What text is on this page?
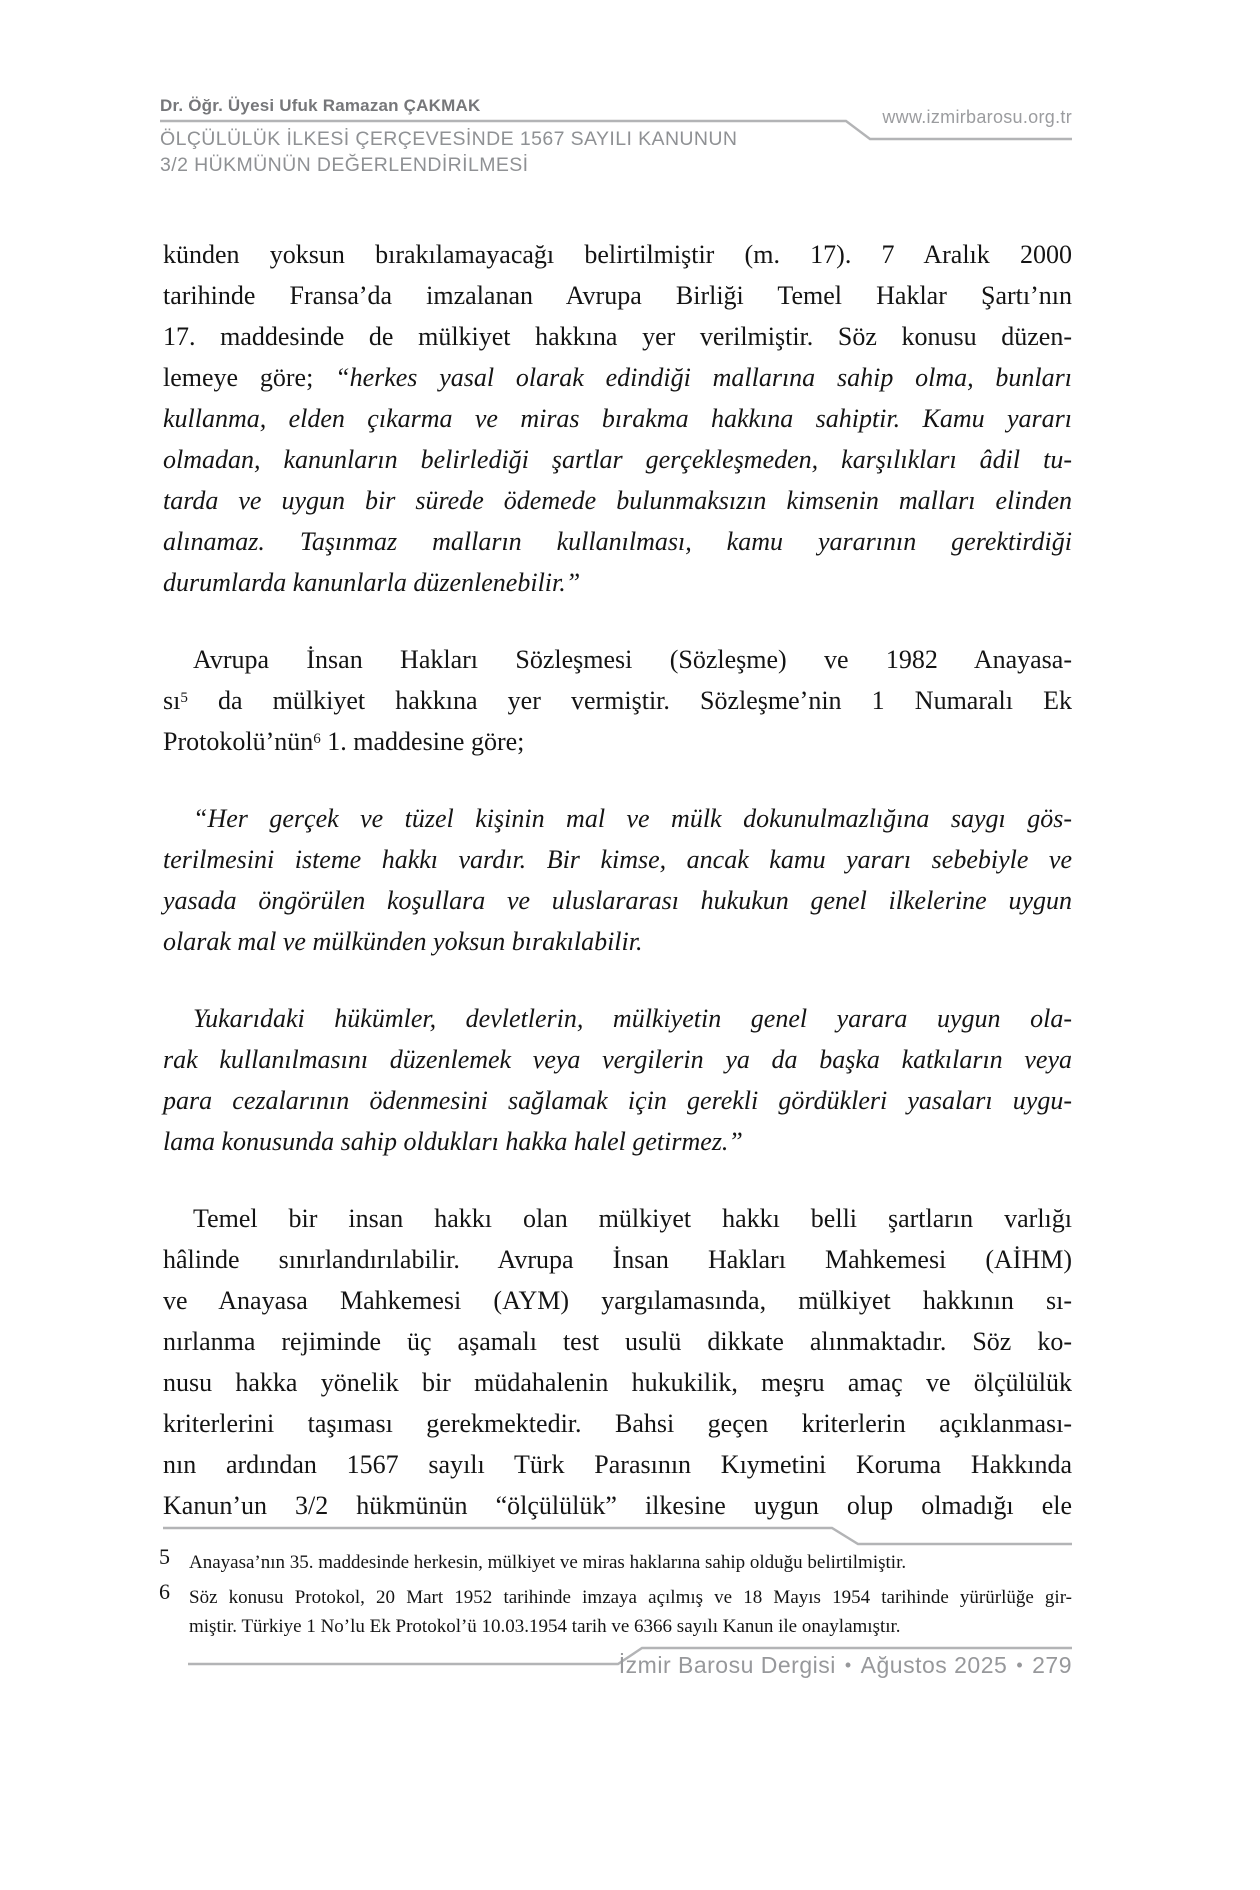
Dr. Öğr. Üyesi Ufuk Ramazan ÇAKMAK
www.izmirbarosu.org.tr
ÖLÇÜLÜLÜK İLKESİ ÇERÇEVESİNDE 1567 SAYILI KANUNUN
3/2 HÜKMÜNÜN DEĞERLENDİRİLMESİ
künden yoksun bırakılamayacağı belirtilmiştir (m. 17). 7 Aralık 2000
tarihinde Fransa’da imzalanan Avrupa Birliği Temel Haklar Şartı’nın
17. maddesinde de mülkiyet hakkına yer verilmiştir. Söz konusu düzen-
lemeye göre; “herkes yasal olarak edindiği mallarına sahip olma, bunları
kullanma, elden çıkarma ve miras bırakma hakkına sahiptir. Kamu yararı
olmadan, kanunların belirlediği şartlar gerçekleşmeden, karşılıkları âdil tu-
tarda ve uygun bir sürede ödemede bulunmaksızın kimsenin malları elinden
alınamaz. Taşınmaz malların kullanılması, kamu yararının gerektirdiği
durumlarda kanunlarla düzenlenebilir.”
Avrupa İnsan Hakları Sözleşmesi (Sözleşme) ve 1982 Anayasa-
$sı^5$ da mülkiyet hakkına yer vermiştir. Sözleşme’nin 1 Numaralı Ek
Protokolü’nün$^6$ 1. maddesine göre;
“Her gerçek ve tüzel kişinin mal ve mülk dokunulmazlığına saygı gös-
terilmesini isteme hakkı vardır. Bir kimse, ancak kamu yararı sebebiyle ve
yasada öngörülen koşullara ve uluslararası hukukun genel ilkelerine uygun
olarak mal ve mülkünden yoksun bırakılabilir.
Yukarıdaki hükümler, devletlerin, mülkiyetin genel yarara uygun ola-
rak kullanılmasını düzenlemek veya vergilerin ya da başka katkıların veya
para cezalarının ödenmesini sağlamak için gerekli gördükleri yasaları uygu-
lama konusunda sahip oldukları hakka halel getirmez.”
Temel bir insan hakkı olan mülkiyet hakkı belli şartların varlığı
hâlinde sınırlandırılabilir. Avrupa İnsan Hakları Mahkemesi (AİHM)
ve Anayasa Mahkemesi (AYM) yargılamasında, mülkiyet hakkının sı-
nırlanma rejiminde üç aşamalı test usulü dikkate alınmaktadır. Söz ko-
nusu hakka yönelik bir müdahalenin hukukilik, meşru amaç ve ölçülülük
kriterlerini taşıması gerekmektedir. Bahsi geçen kriterlerin açıklanması-
nın ardından 1567 sayılı Türk Parasının Kıymetini Koruma Hakkında
Kanun’un 3/2 hükmünün “ölçülülük” ilkesine uygun olup olmadığı ele
5 Anayasa’nın 35. maddesinde herkesin, mülkiyet ve miras haklarına sahip olduğu belirtilmiştir.
6 Söz konusu Protokol, 20 Mart 1952 tarihinde imzaya açılmış ve 18 Mayıs 1954 tarihinde yürürlüğe gir-
miştir. Türkiye 1 No’lu Ek Protokol’ü 10.03.1954 tarih ve 6366 sayılı Kanun ile onaylamıştır.
İzmir Barosu Dergisi • Ağustos 2025 • 279
